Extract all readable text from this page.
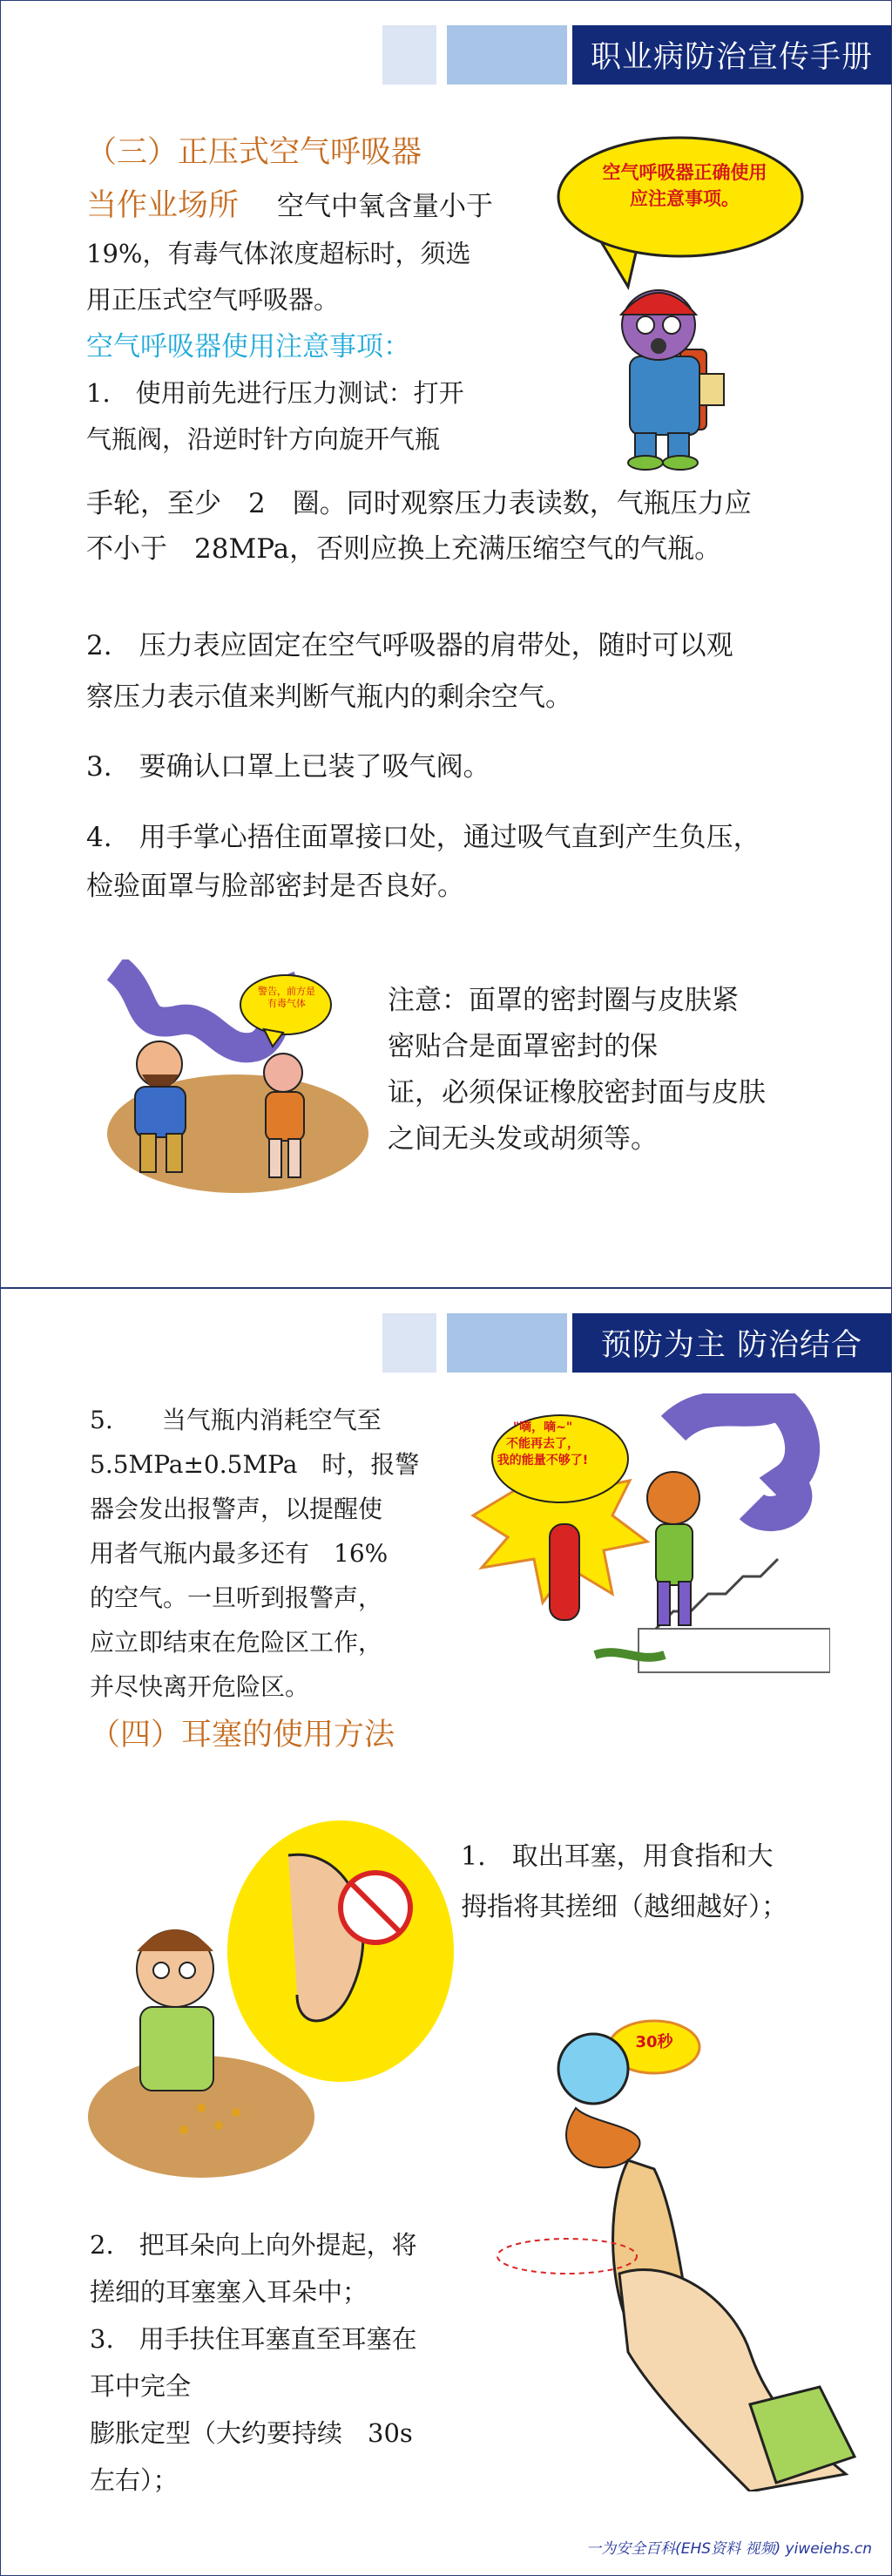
职业病防治宣传手册
（三）正压式空气呼吸器
当作业场所 空气中氧含量小于
19%，有毒气体浓度超标时，须选
用正压式空气呼吸器。
空气呼吸器使用注意事项：
1.　使用前先进行压力测试：打开
气瓶阀，沿逆时针方向旋开气瓶
手轮，至少　2　圈。同时观察压力表读数，气瓶压力应
不小于　28MPa，否则应换上充满压缩空气的气瓶。
2.　压力表应固定在空气呼吸器的肩带处，随时可以观
察压力表示值来判断气瓶内的剩余空气。
3.　要确认口罩上已装了吸气阀。
4.　用手掌心捂住面罩接口处，通过吸气直到产生负压，
检验面罩与脸部密封是否良好。
空气呼吸器正确使用
应注意事项。
警告，前方是有毒气体	注意：面罩的密封圈与皮肤紧
密贴合是面罩密封的保
证，必须保证橡胶密封面与皮肤
之间无头发或胡须等。
预防为主 防治结合
5.　　当气瓶内消耗空气至
5.5MPa±0.5MPa　时，报警
器会发出报警声，以提醒使
用者气瓶内最多还有　16%
的空气。一旦听到报警声，
应立即结束在危险区工作，
并尽快离开危险区。
（四）耳塞的使用方法
"嘀，嘀~"
不能再去了，
我的能量不够了!
1.　取出耳塞，用食指和大
拇指将其搓细（越细越好）；
30秒
2.　把耳朵向上向外提起，将
搓细的耳塞塞入耳朵中；
3.　用手扶住耳塞直至耳塞在
耳中完全
膨胀定型（大约要持续　30s
左右）；
一为安全百科(EHS资料 视频) yiweiehs.cn
